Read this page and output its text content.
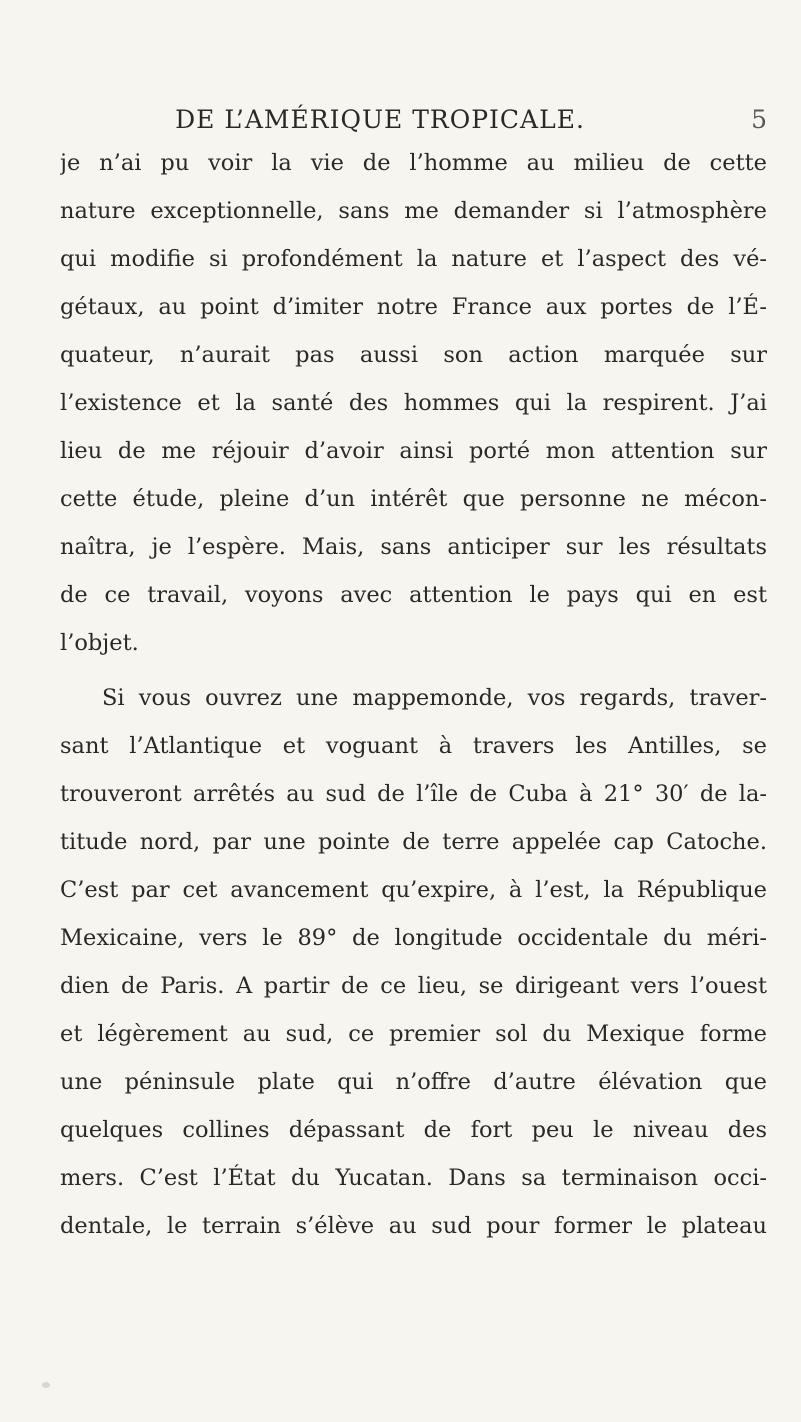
DE L’AMÉRIQUE TROPICALE.	5
je n’ai pu voir la vie de l’homme au milieu de cette
nature exceptionnelle, sans me demander si l’atmosphère
qui modifie si profondément la nature et l’aspect des vé-
gétaux, au point d’imiter notre France aux portes de l’É-
quateur, n’aurait pas aussi son action marquée sur
l’existence et la santé des hommes qui la respirent. J’ai
lieu de me réjouir d’avoir ainsi porté mon attention sur
cette étude, pleine d’un intérêt que personne ne mécon-
naîtra, je l’espère. Mais, sans anticiper sur les résultats
de ce travail, voyons avec attention le pays qui en est
l’objet.
Si vous ouvrez une mappemonde, vos regards, traver-
sant l’Atlantique et voguant à travers les Antilles, se
trouveront arrêtés au sud de l’île de Cuba à 21° 30′ de la-
titude nord, par une pointe de terre appelée cap Catoche.
C’est par cet avancement qu’expire, à l’est, la République
Mexicaine, vers le 89° de longitude occidentale du méri-
dien de Paris. A partir de ce lieu, se dirigeant vers l’ouest
et légèrement au sud, ce premier sol du Mexique forme
une péninsule plate qui n’offre d’autre élévation que
quelques collines dépassant de fort peu le niveau des
mers. C’est l’État du Yucatan. Dans sa terminaison occi-
dentale, le terrain s’élève au sud pour former le plateau
